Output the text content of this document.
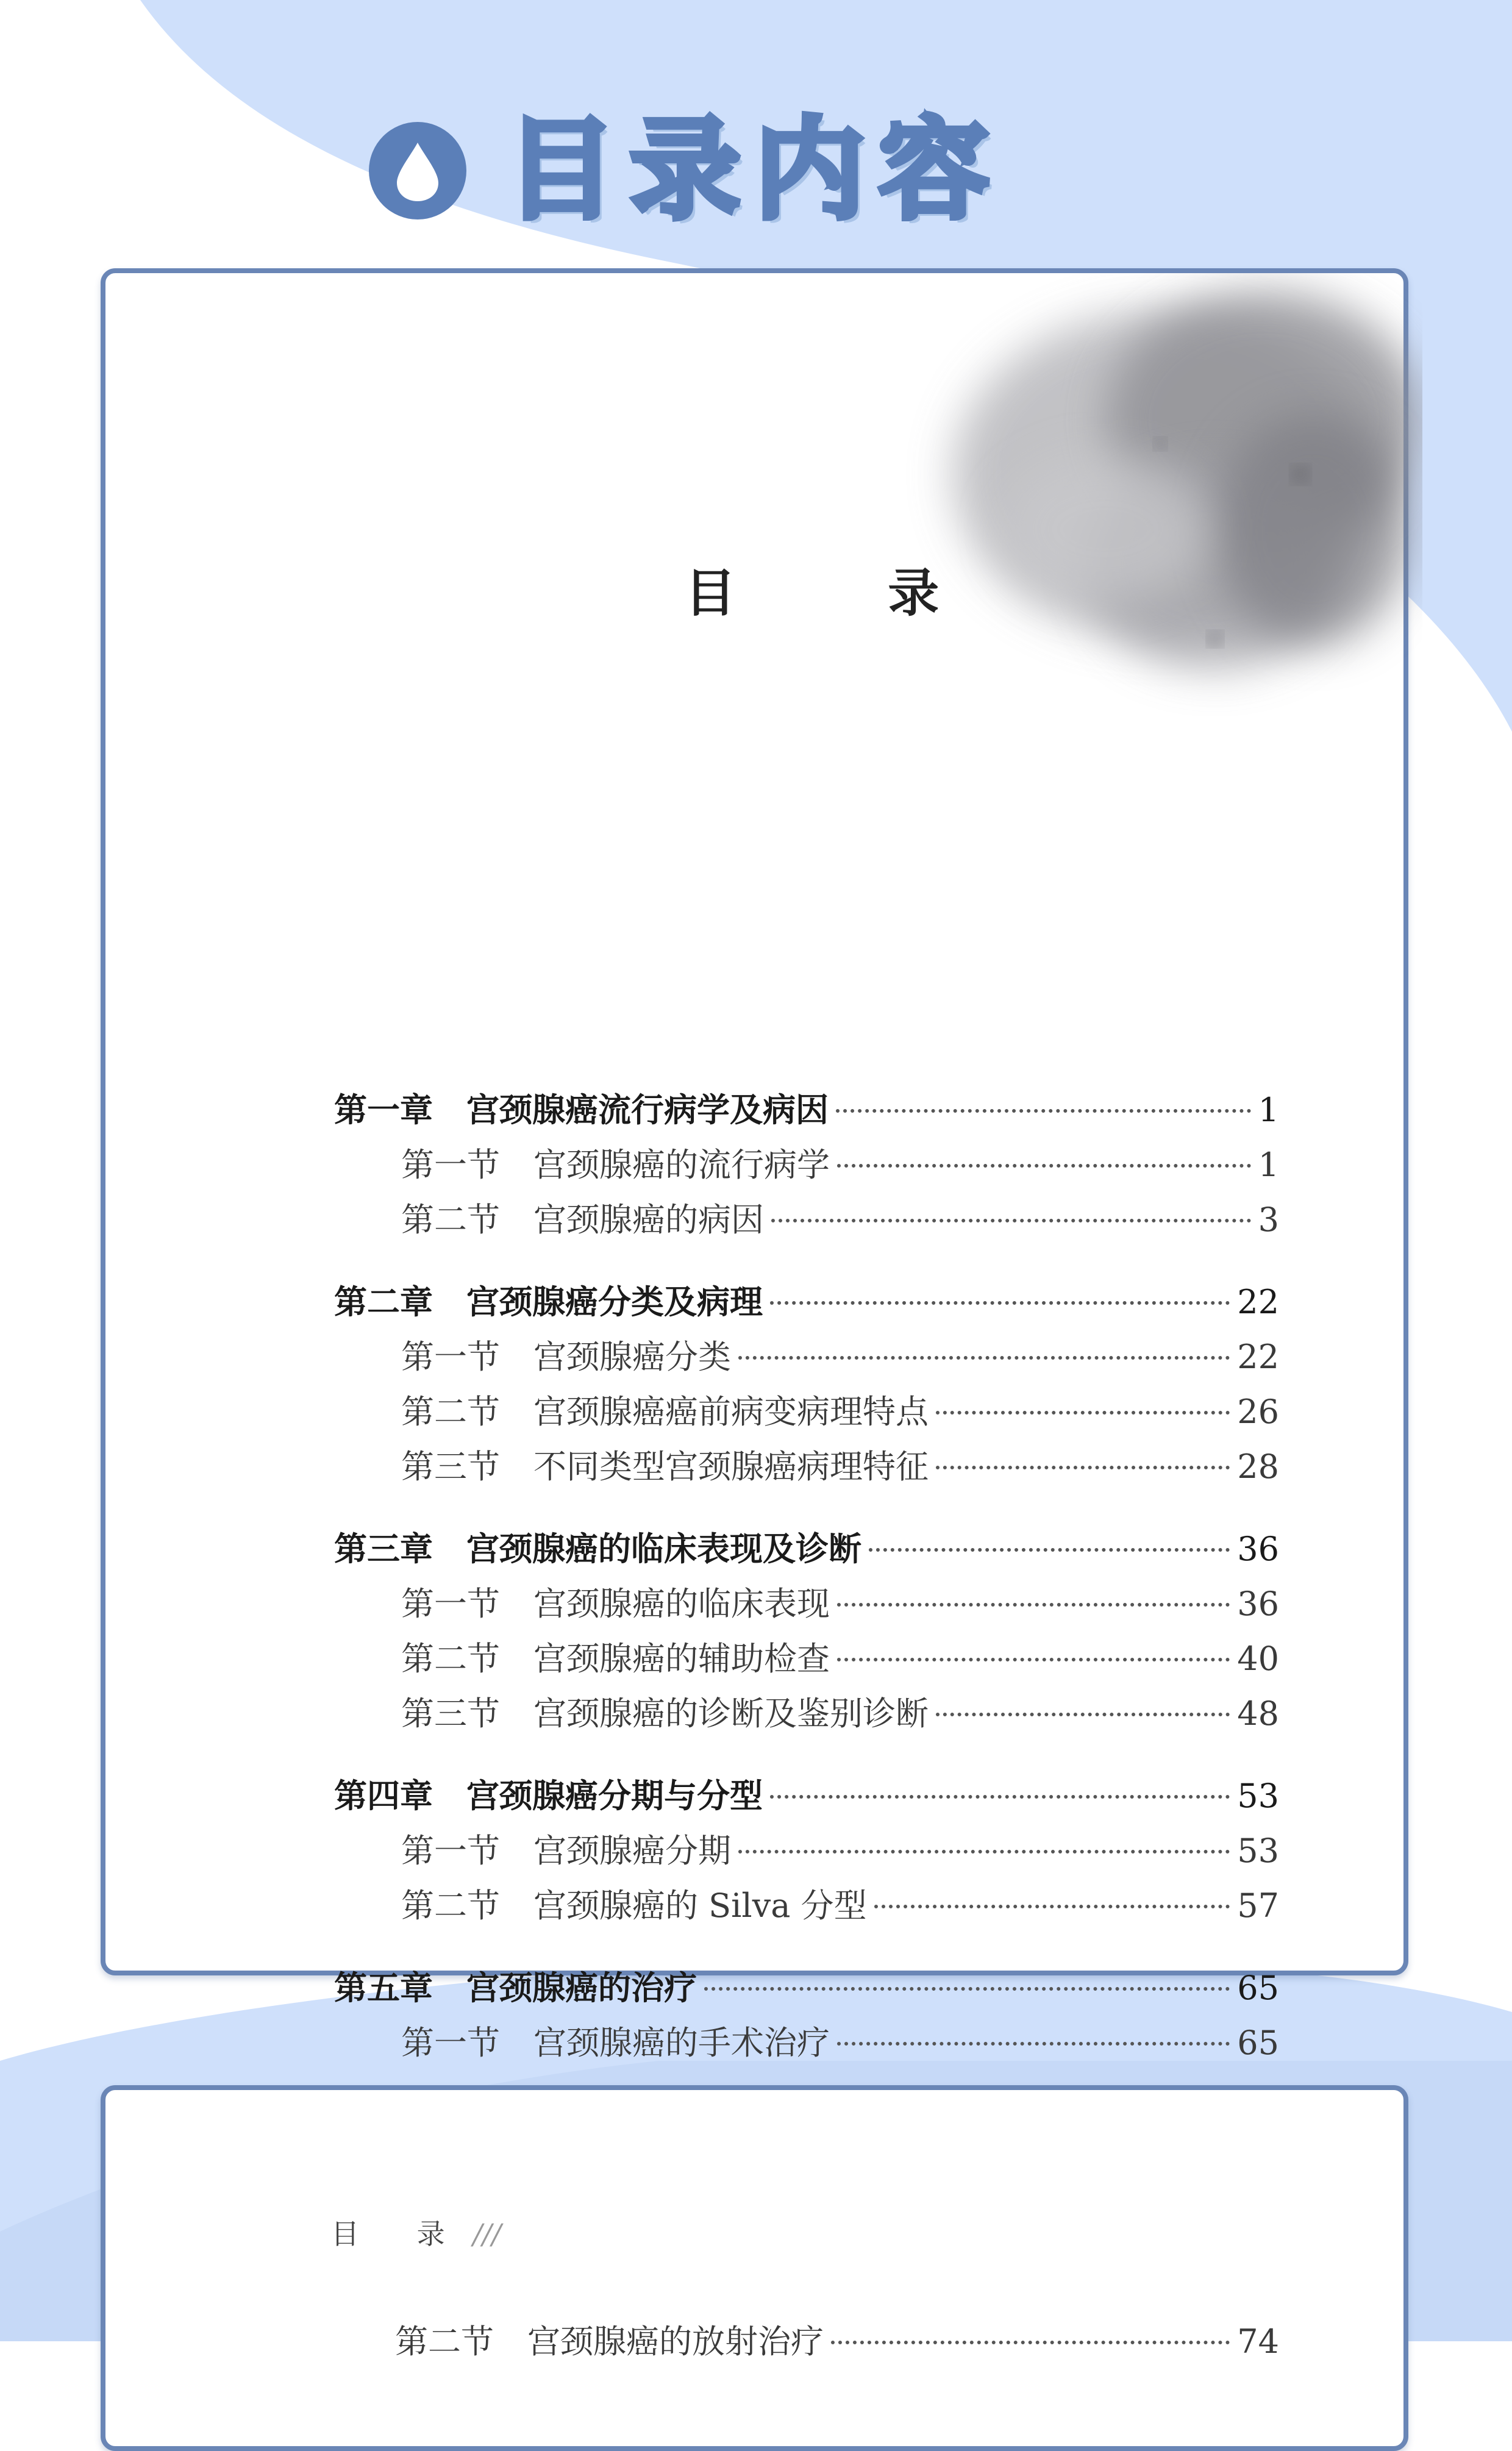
目录内容
目 录
第一章 宫颈腺癌流行病学及病因	1
第一节 宫颈腺癌的流行病学	1
第二节 宫颈腺癌的病因	3
第二章 宫颈腺癌分类及病理	22
第一节 宫颈腺癌分类	22
第二节 宫颈腺癌癌前病变病理特点	26
第三节 不同类型宫颈腺癌病理特征	28
第三章 宫颈腺癌的临床表现及诊断	36
第一节 宫颈腺癌的临床表现	36
第二节 宫颈腺癌的辅助检查	40
第三节 宫颈腺癌的诊断及鉴别诊断	48
第四章 宫颈腺癌分期与分型	53
第一节 宫颈腺癌分期	53
第二节 宫颈腺癌的 Silva 分型	57
第五章 宫颈腺癌的治疗	65
第一节 宫颈腺癌的手术治疗	65
目 录 ///
第二节 宫颈腺癌的放射治疗	74
